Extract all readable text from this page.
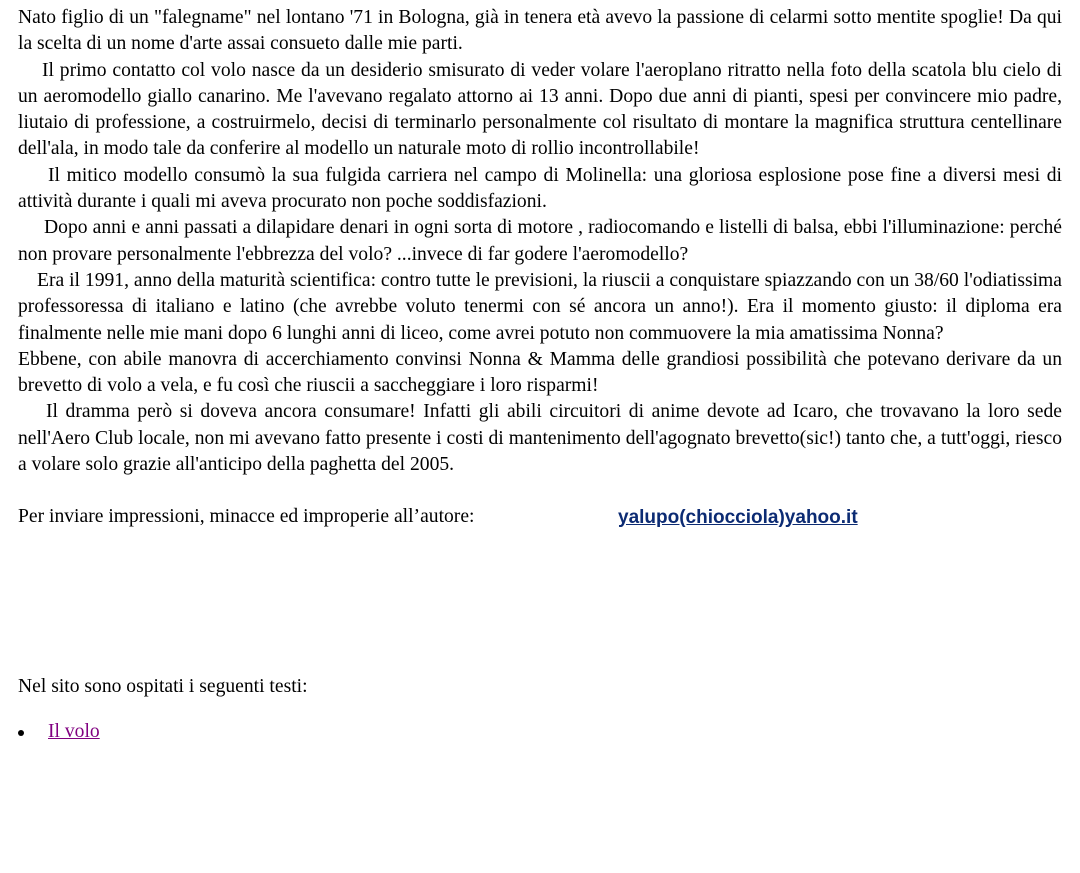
Nato figlio di un "falegname" nel lontano '71 in Bologna, già in tenera età avevo la passione di celarmi sotto mentite spoglie! Da qui la scelta di un nome d'arte assai consueto dalle mie parti.

Il primo contatto col volo nasce da un desiderio smisurato di veder volare l'aeroplano ritratto nella foto della scatola blu cielo di un aeromodello giallo canarino. Me l'avevano regalato attorno ai 13 anni. Dopo due anni di pianti, spesi per convincere mio padre, liutaio di professione, a costruirmelo, decisi di terminarlo personalmente col risultato di montare la magnifica struttura centellinare dell'ala, in modo tale da conferire al modello un naturale moto di rollio incontrollabile!

Il mitico modello consumò la sua fulgida carriera nel campo di Molinella: una gloriosa esplosione pose fine a diversi mesi di attività durante i quali mi aveva procurato non poche soddisfazioni.

Dopo anni e anni passati a dilapidare denari in ogni sorta di motore , radiocomando e listelli di balsa, ebbi l'illuminazione: perché non provare personalmente l'ebbrezza del volo? ...invece di far godere l'aeromodello?

Era il 1991, anno della maturità scientifica: contro tutte le previsioni, la riuscii a conquistare spiazzando con un 38/60 l'odiatissima professoressa di italiano e latino (che avrebbe voluto tenermi con sé ancora un anno!). Era il momento giusto: il diploma era finalmente nelle mie mani dopo 6 lunghi anni di liceo, come avrei potuto non commuovere la mia amatissima Nonna?

Ebbene, con abile manovra di accerchiamento convinsi Nonna & Mamma delle grandiosi possibilità che potevano derivare da un brevetto di volo a vela, e fu così che riuscii a saccheggiare i loro risparmi!

Il dramma però si doveva ancora consumare! Infatti gli abili circuitori di anime devote ad Icaro, che trovavano la loro sede nell'Aero Club locale, non mi avevano fatto presente i costi di mantenimento dell'agognato brevetto(sic!) tanto che, a tutt'oggi, riesco a volare solo grazie all'anticipo della paghetta del 2005.

Per inviare impressioni, minacce ed improperie all’autore:	yalupo(chiocciola)yahoo.it
Nel sito sono ospitati i seguenti testi:
Il volo
